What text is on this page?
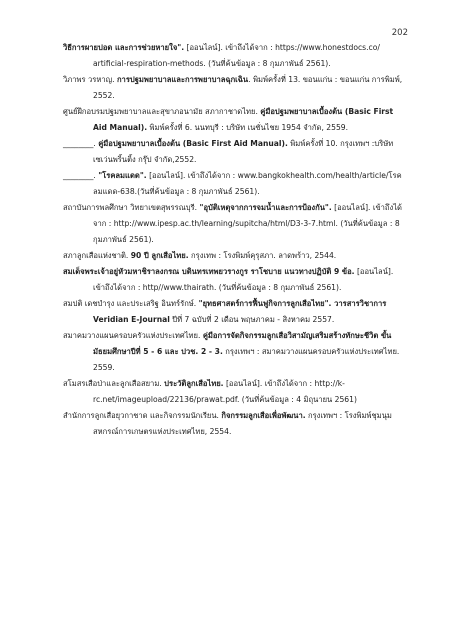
202

วิธีการผายปอด และการช่วยหายใจ". [ออนไลน์]. เข้าถึงได้จาก : https://www.honestdocs.co/ artificial-respiration-methods. (วันที่ค้นข้อมูล : 8 กุมภาพันธ์ 2561).

วิภาพร วรหาญ. การปฐมพยาบาลและการพยาบาลฉุกเฉิน. พิมพ์ครั้งที่ 13. ขอนแก่น : ขอนแก่น การพิมพ์, 2552.

ศูนย์ฝึกอบรมปฐมพยาบาลและสุขาภอนามัย สภากาชาดไทย. คู่มือปฐมพยาบาลเบื้องต้น (Basic First Aid Manual). พิมพ์ครั้งที่ 6. นนทบุรี : บริษัท เนชั่นไชย 1954 จำกัด, 2559.

________. คู่มือปฐมพยาบาลเบื้องต้น (Basic First Aid Manual). พิมพ์ครั้งที่ 10. กรุงเทพฯ :บริษัท เซเว่นพริ้นติ้ง กรุ๊ป จำกัด,2552.

________. "โรคลมแดด". [ออนไลน์]. เข้าถึงได้จาก : www.bangkokhealth.com/health/article/โรคลมแดด-638.(วันที่ค้นข้อมูล : 8 กุมภาพันธ์ 2561).

สถาบันการพลศึกษา วิทยาเขตสุพรรณบุรี. "อุบัติเหตุจากการจมน้ำและการป้องกัน". [ออนไลน์]. เข้าถึงได้จาก : http://www.ipesp.ac.th/learning/supitcha/html/D3-3-7.html. (วันที่ค้นข้อมูล : 8 กุมภาพันธ์ 2561).

สภาลูกเสือแห่งชาติ. 90 ปี ลูกเสือไทย. กรุงเทพ : โรงพิมพ์คุรุสภา. ลาดพร้าว, 2544.

สมเด็จพระเจ้าอยู่หัวมหาชิราลงกรณ บดินทรเทพยวรางกูร ราโชบาย แนวทางปฏิบัติ 9 ข้อ. [ออนไลน์]. เข้าถึงได้จาก : http//www.thairath. (วันที่ค้นข้อมูล : 8 กุมภาพันธ์ 2561).

สมปติ เดชบำรุง และประเสริฐ อินทร์รักษ์. "ยุทธศาสตร์การฟื้นฟูกิจการลูกเสือไทย". วารสารวิชาการ Veridian E-Journal ปีที่ 7 ฉบับที่ 2 เดือน พฤษภาคม - สิงหาคม 2557.

สมาคมวางแผนครอบครัวแห่งประเทศไทย. คู่มือการจัดกิจกรรมลูกเสือวิสามัญเสริมสร้างทักษะชีวิต ขั้นมัธยมศึกษาปีที่ 5 - 6 และ ปวช. 2 - 3. กรุงเทพฯ : สมาคมวางแผนครอบครัวแห่งประเทศไทย. 2559.

สโมสรเสือป่าและลูกเสือสยาม. ประวัติลูกเสือไทย. [ออนไลน์]. เข้าถึงได้จาก : http://k-rc.net/imageupload/22136/prawat.pdf. (วันที่ค้นข้อมูล : 4 มิถุนายน 2561)

สำนักการลูกเสือยุวกาชาด และกิจกรรมนักเรียน. กิจกรรมลูกเสือเพื่อพัฒนา. กรุงเทพฯ : โรงพิมพ์ชุมนุมสหกรณ์การเกษตรแห่งประเทศไทย, 2554.
